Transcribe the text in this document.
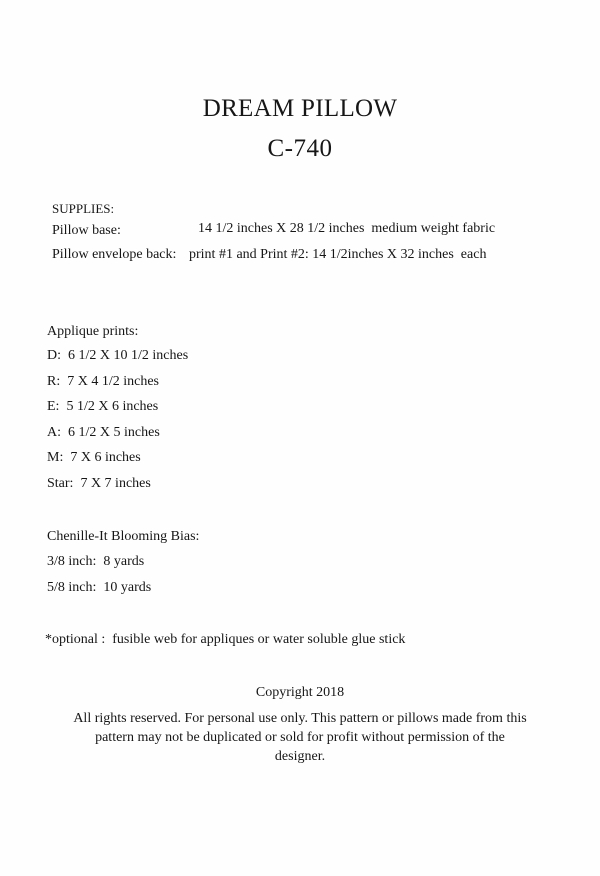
DREAM PILLOW
C-740
SUPPLIES:
Pillow base:	14 1/2 inches X 28 1/2 inches  medium weight fabric
Pillow envelope back: print #1 and Print #2: 14 1/2inches X 32 inches  each
Applique prints:
D:  6 1/2 X 10 1/2 inches
R:  7 X 4 1/2 inches
E:  5 1/2 X 6 inches
A:  6 1/2 X 5 inches
M:  7 X 6 inches
Star:  7 X 7 inches
Chenille-It Blooming Bias:
3/8 inch:  8 yards
5/8 inch:  10 yards
*optional :  fusible web for appliques or water soluble glue stick
Copyright 2018
All rights reserved. For personal use only. This pattern or pillows made from this
pattern may not be duplicated or sold for profit without permission of the
designer.
